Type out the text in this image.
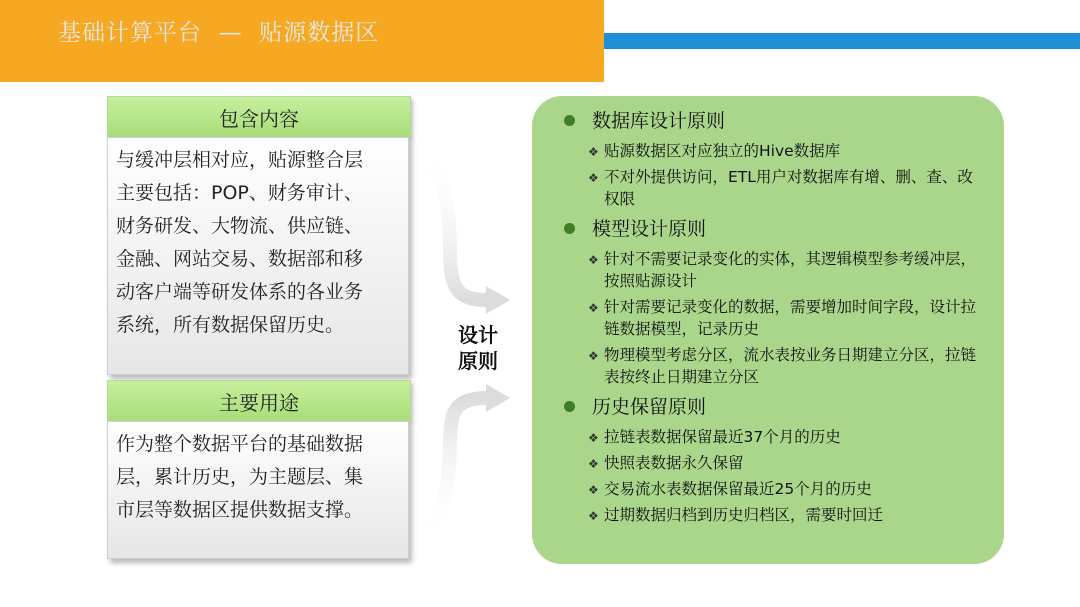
基础计算平台  —  贴源数据区
包含内容
与缓冲层相对应，贴源整合层
主要包括：POP、财务审计、
财务研发、大物流、供应链、
金融、网站交易、数据部和移
动客户端等研发体系的各业务
系统，所有数据保留历史。
主要用途
作为整个数据平台的基础数据
层，累计历史，为主题层、集
市层等数据区提供数据支撑。
设计
原则
数据库设计原则
❖ 贴源数据区对应独立的Hive数据库
❖ 不对外提供访问，ETL用户对数据库有增、删、查、改权限
模型设计原则
❖ 针对不需要记录变化的实体，其逻辑模型参考缓冲层，按照贴源设计
❖ 针对需要记录变化的数据，需要增加时间字段，设计拉链数据模型，记录历史
❖ 物理模型考虑分区，流水表按业务日期建立分区，拉链表按终止日期建立分区
历史保留原则
❖ 拉链表数据保留最近37个月的历史
❖ 快照表数据永久保留
❖ 交易流水表数据保留最近25个月的历史
❖ 过期数据归档到历史归档区，需要时回迁
